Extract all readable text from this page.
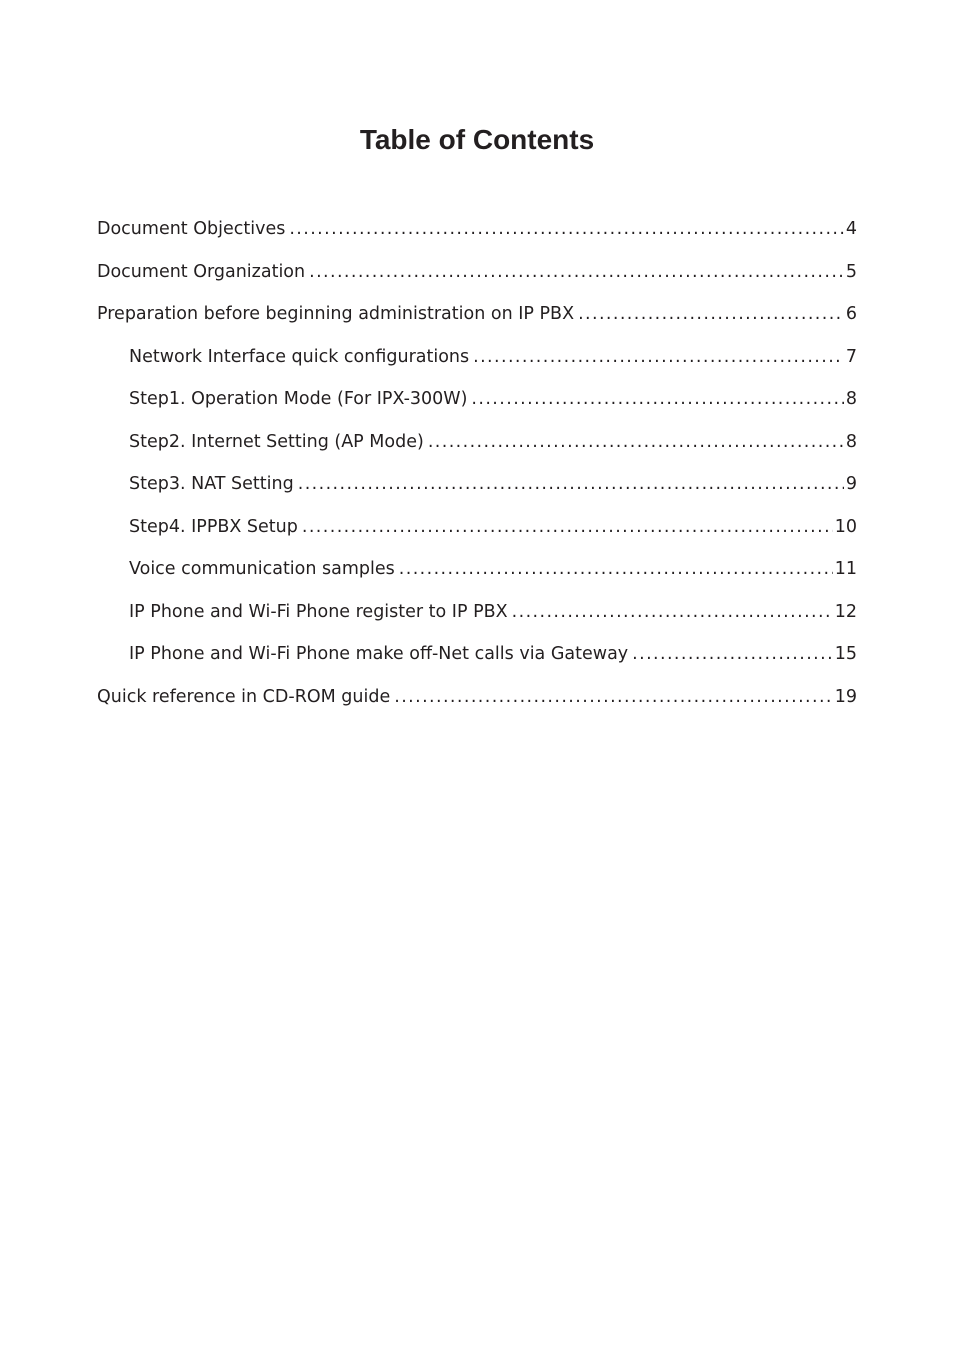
Table of Contents
Document Objectives .....	4
Document Organization .....	5
Preparation before beginning administration on IP PBX .....	6
Network Interface quick configurations .....	7
Step1. Operation Mode (For IPX-300W) .....	8
Step2. Internet Setting (AP Mode) .....	8
Step3. NAT Setting .....	9
Step4. IPPBX Setup .....	10
Voice communication samples .....	11
IP Phone and Wi-Fi Phone register to IP PBX .....	12
IP Phone and Wi-Fi Phone make off-Net calls via Gateway .....	15
Quick reference in CD-ROM guide .....	19
